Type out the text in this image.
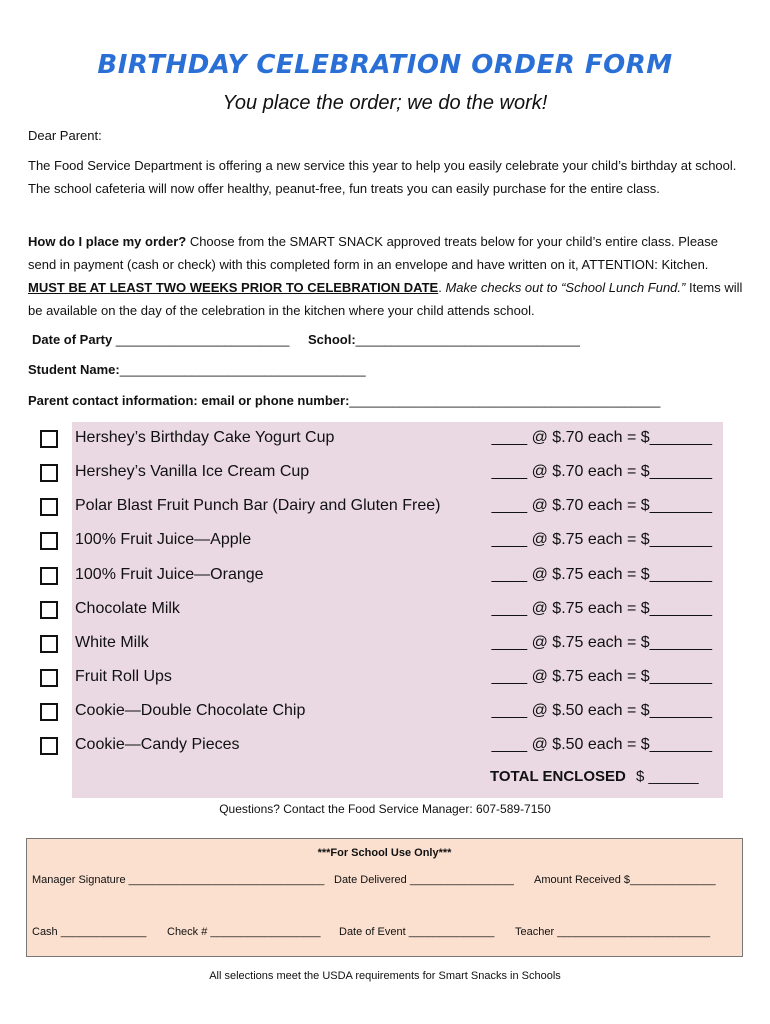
BIRTHDAY CELEBRATION ORDER FORM
You place the order; we do the work!
Dear Parent:
The Food Service Department is offering a new service this year to help you easily celebrate your child’s birthday at school. The school cafeteria will now offer healthy, peanut-free, fun treats you can easily purchase for the entire class.
How do I place my order? Choose from the SMART SNACK approved treats below for your child’s entire class. Please send in payment (cash or check) with this completed form in an envelope and have written on it, ATTENTION: Kitchen. MUST BE AT LEAST TWO WEEKS PRIOR TO CELEBRATION DATE. Make checks out to “School Lunch Fund.” Items will be available on the day of the celebration in the kitchen where your child attends school.
Date of Party ________________________ School:_______________________________
Student Name:__________________________________
Parent contact information: email or phone number:___________________________________________
Hershey’s Birthday Cake Yogurt Cup	____ @ $.70 each = $_______
Hershey’s Vanilla Ice Cream Cup	____ @ $.70 each = $_______
Polar Blast Fruit Punch Bar (Dairy and Gluten Free)	____ @ $.70 each = $_______
100% Fruit Juice—Apple	____ @ $.75 each = $_______
100% Fruit Juice—Orange	____ @ $.75 each = $_______
Chocolate Milk	____ @ $.75 each = $_______
White Milk	____ @ $.75 each = $_______
Fruit Roll Ups	____ @ $.75 each = $_______
Cookie—Double Chocolate Chip	____ @ $.50 each = $_______
Cookie—Candy Pieces	____ @ $.50 each = $_______
TOTAL ENCLOSED $ ______
Questions? Contact the Food Service Manager: 607-589-7150
***For School Use Only***
Manager Signature ________________________________ Date Delivered _________________ Amount Received $______________
Cash ______________ Check # __________________ Date of Event ______________ Teacher _________________________
All selections meet the USDA requirements for Smart Snacks in Schools
